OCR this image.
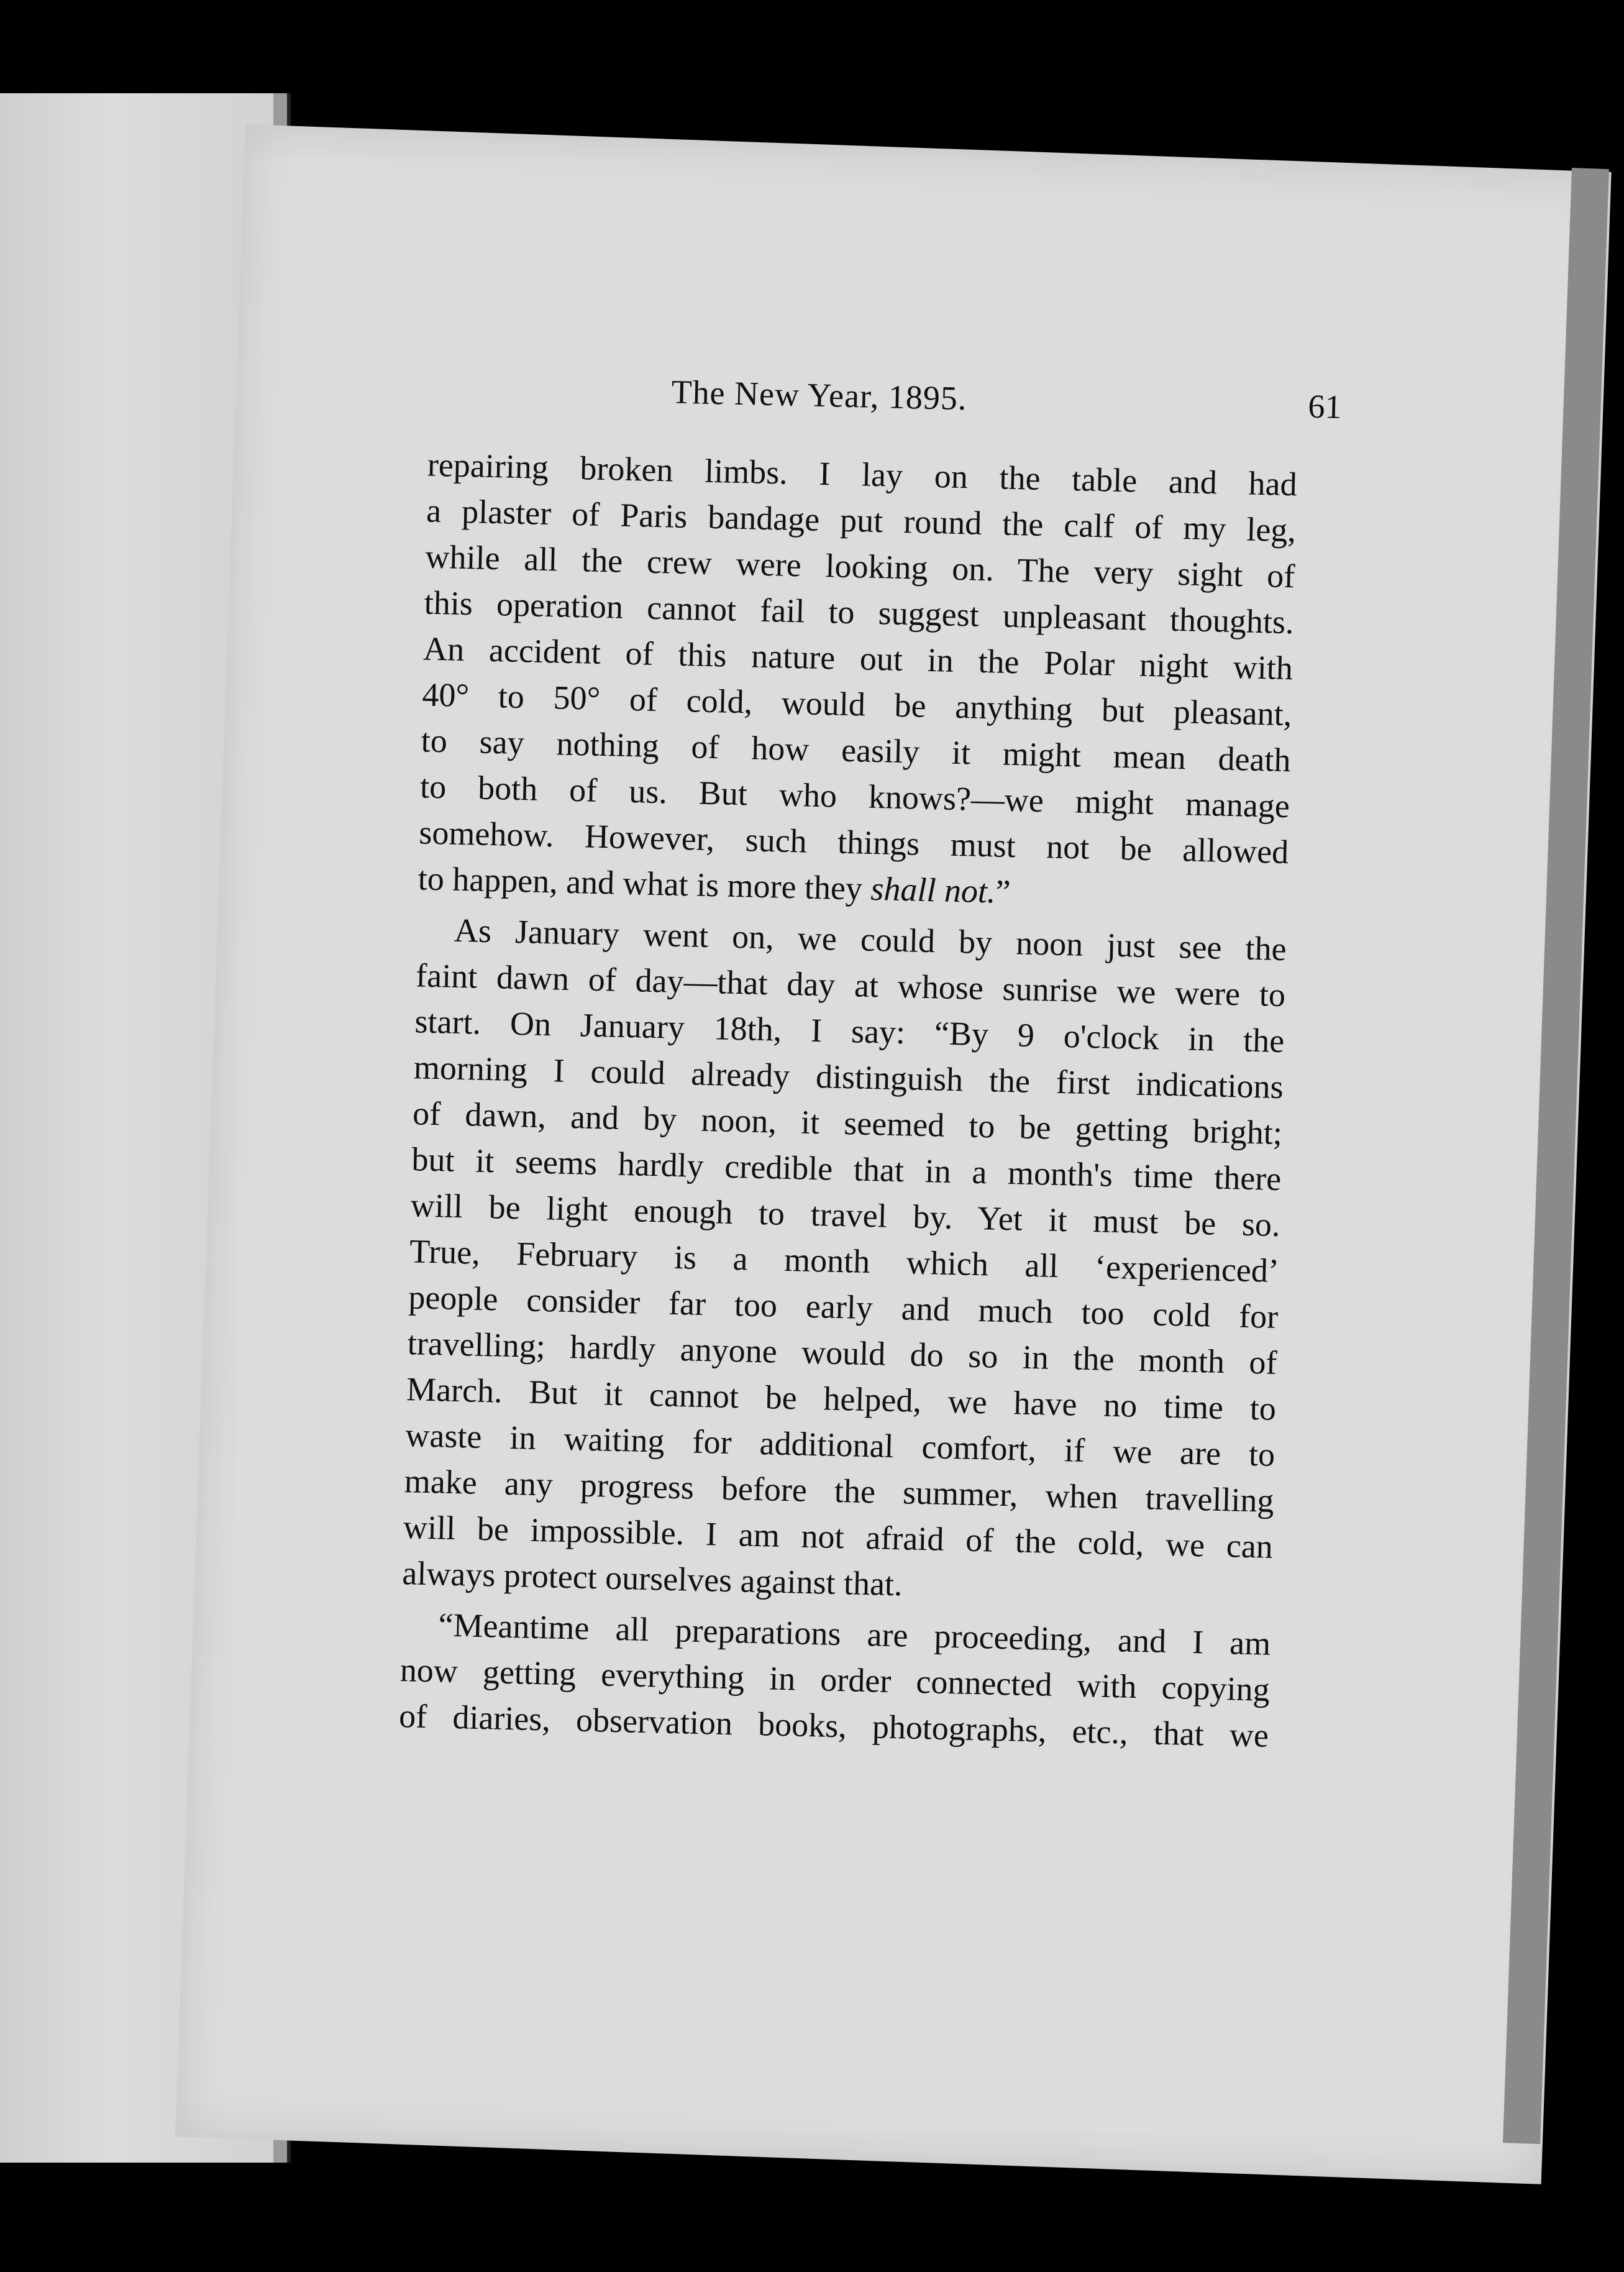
The New Year, 1895.	61
repairing broken limbs. I lay on the table and had
a plaster of Paris bandage put round the calf of my leg,
while all the crew were looking on. The very sight of
this operation cannot fail to suggest unpleasant thoughts.
An accident of this nature out in the Polar night with
40° to 50° of cold, would be anything but pleasant,
to say nothing of how easily it might mean death
to both of us. But who knows?—we might manage
somehow. However, such things must not be allowed
to happen, and what is more they shall not.”
As January went on, we could by noon just see the
faint dawn of day—that day at whose sunrise we were to
start. On January 18th, I say: “By 9 o'clock in the
morning I could already distinguish the first indications
of dawn, and by noon, it seemed to be getting bright;
but it seems hardly credible that in a month's time there
will be light enough to travel by. Yet it must be so.
True, February is a month which all ‘experienced’
people consider far too early and much too cold for
travelling; hardly anyone would do so in the month of
March. But it cannot be helped, we have no time to
waste in waiting for additional comfort, if we are to
make any progress before the summer, when travelling
will be impossible. I am not afraid of the cold, we can
always protect ourselves against that.
“Meantime all preparations are proceeding, and I am
now getting everything in order connected with copying
of diaries, observation books, photographs, etc., that we
